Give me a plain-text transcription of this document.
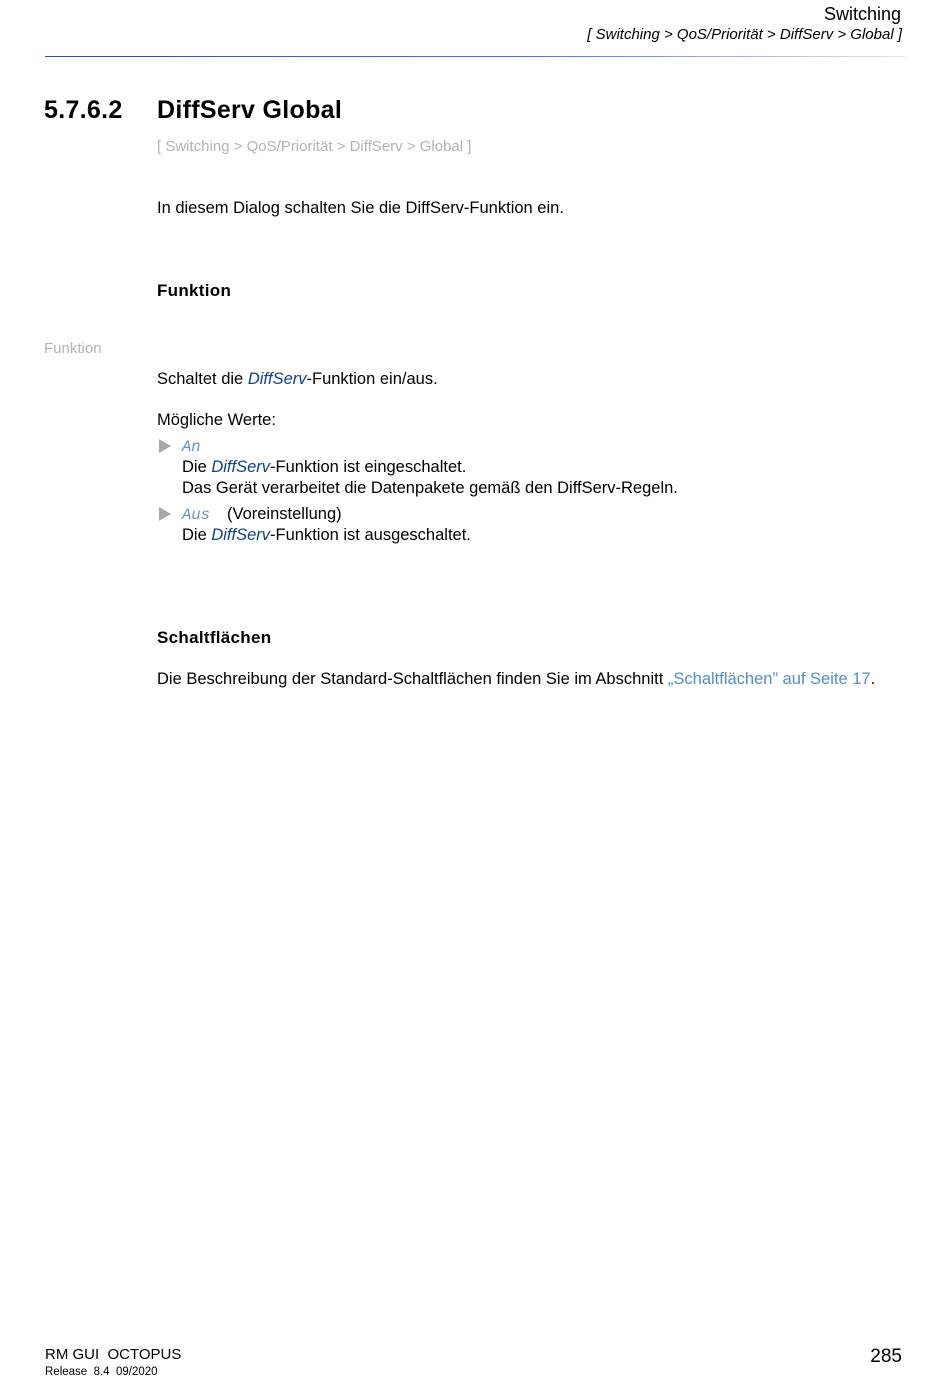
Switching
[ Switching > QoS/Priorität > DiffServ > Global ]
5.7.6.2 DiffServ Global
[ Switching > QoS/Priorität > DiffServ > Global ]
In diesem Dialog schalten Sie die DiffServ-Funktion ein.
Funktion
Funktion
Schaltet die DiffServ-Funktion ein/aus.
Mögliche Werte:
An
Die DiffServ-Funktion ist eingeschaltet.
Das Gerät verarbeitet die Datenpakete gemäß den DiffServ-Regeln.
Aus (Voreinstellung)
Die DiffServ-Funktion ist ausgeschaltet.
Schaltflächen
Die Beschreibung der Standard-Schaltflächen finden Sie im Abschnitt „Schaltflächen” auf Seite 17.
RM GUI  OCTOPUS
Release  8.4  09/2020
285
